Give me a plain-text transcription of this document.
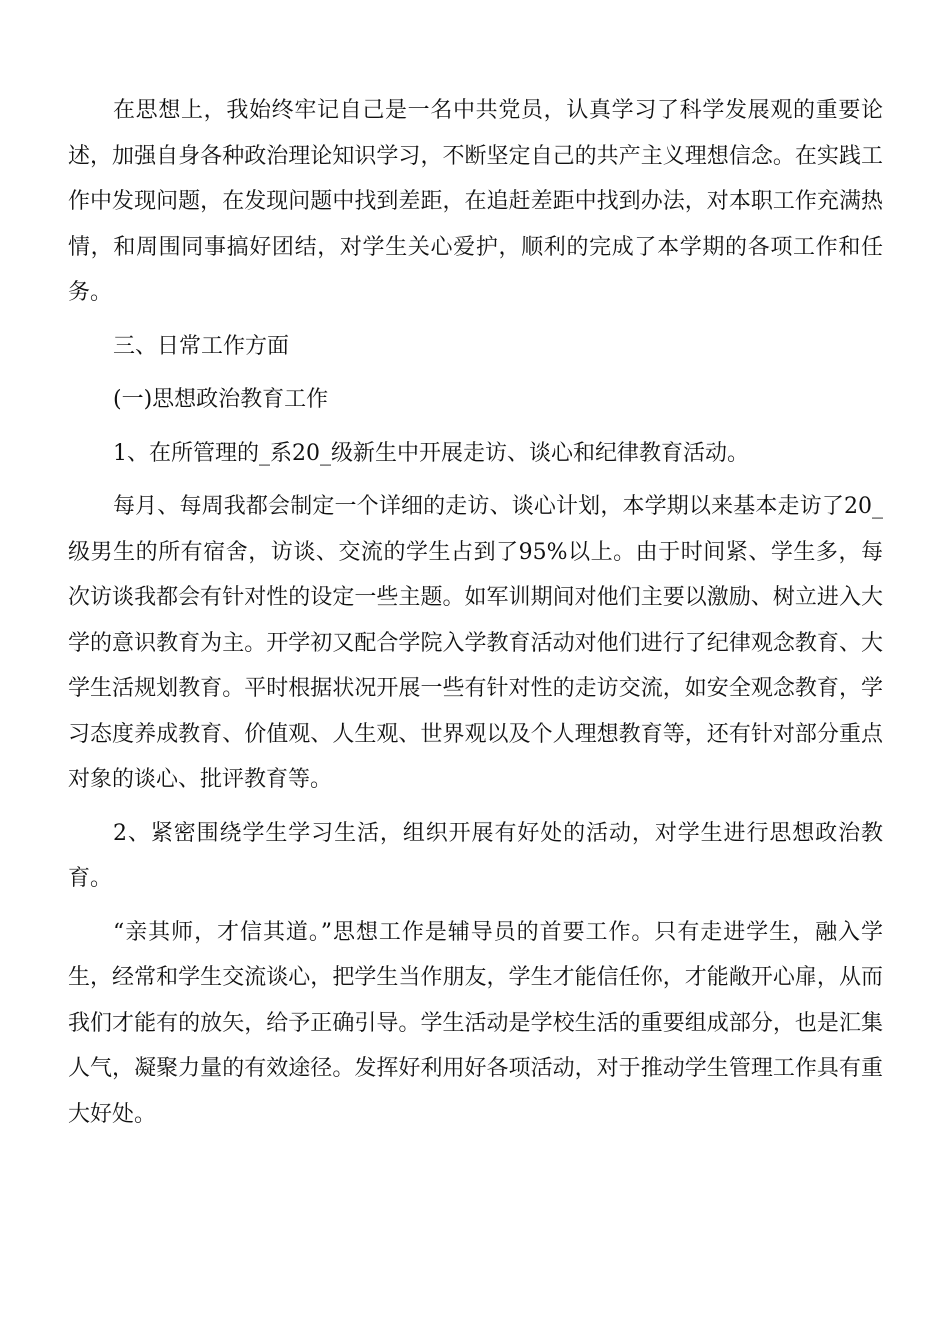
在思想上，我始终牢记自己是一名中共党员，认真学习了科学发展观的重要论述，加强自身各种政治理论知识学习，不断坚定自己的共产主义理想信念。在实践工作中发现问题，在发现问题中找到差距，在追赶差距中找到办法，对本职工作充满热情，和周围同事搞好团结，对学生关心爱护，顺利的完成了本学期的各项工作和任务。

三、日常工作方面

(一)思想政治教育工作

1、在所管理的_系20_级新生中开展走访、谈心和纪律教育活动。

每月、每周我都会制定一个详细的走访、谈心计划，本学期以来基本走访了20_级男生的所有宿舍，访谈、交流的学生占到了95%以上。由于时间紧、学生多，每次访谈我都会有针对性的设定一些主题。如军训期间对他们主要以激励、树立进入大学的意识教育为主。开学初又配合学院入学教育活动对他们进行了纪律观念教育、大学生活规划教育。平时根据状况开展一些有针对性的走访交流，如安全观念教育，学习态度养成教育、价值观、人生观、世界观以及个人理想教育等，还有针对部分重点对象的谈心、批评教育等。

2、紧密围绕学生学习生活，组织开展有好处的活动，对学生进行思想政治教育。

“亲其师，才信其道。”思想工作是辅导员的首要工作。只有走进学生，融入学生，经常和学生交流谈心，把学生当作朋友，学生才能信任你，才能敞开心扉，从而我们才能有的放矢，给予正确引导。学生活动是学校生活的重要组成部分，也是汇集人气，凝聚力量的有效途径。发挥好利用好各项活动，对于推动学生管理工作具有重大好处。
